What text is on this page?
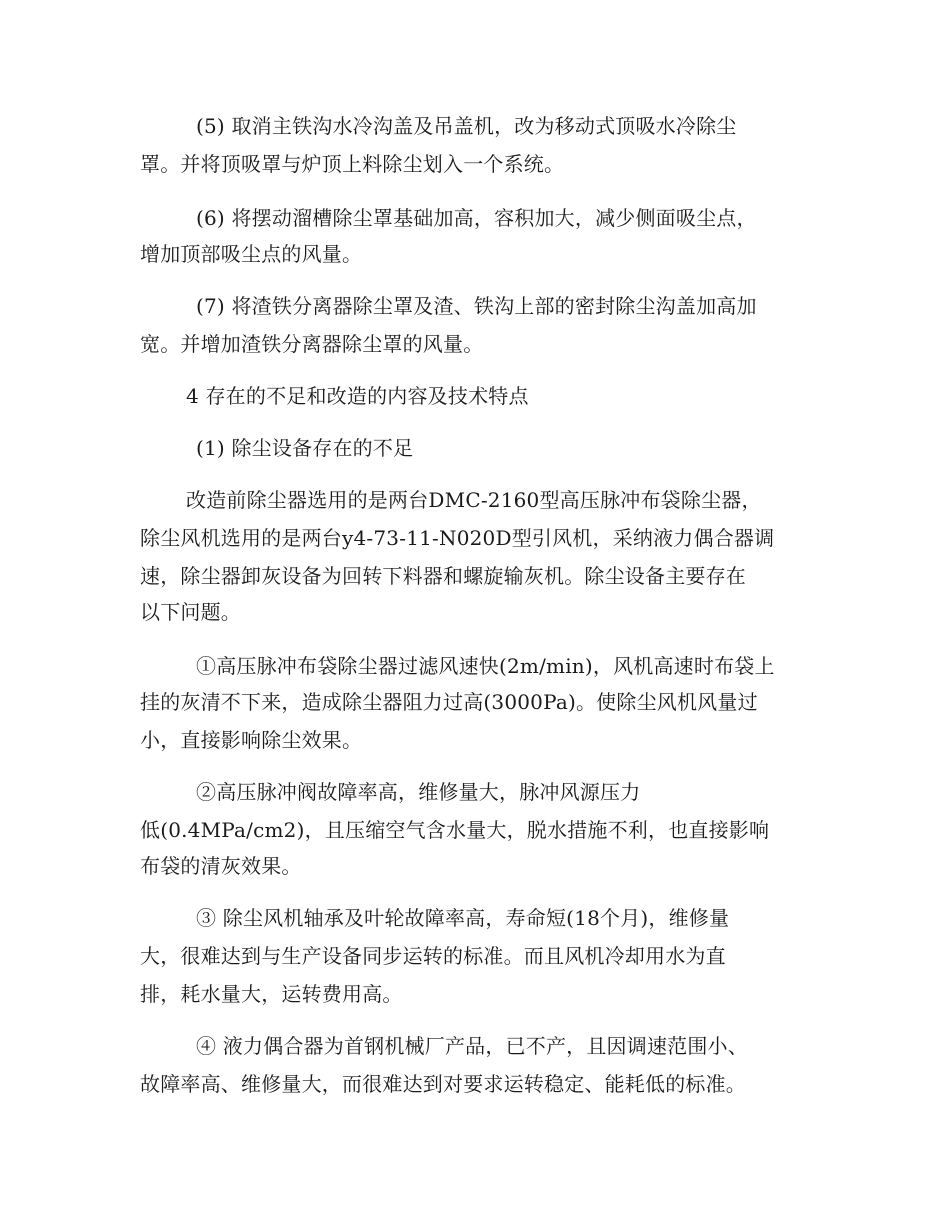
(5) 取消主铁沟水冷沟盖及吊盖机，改为移动式顶吸水冷除尘
罩。并将顶吸罩与炉顶上料除尘划入一个系统。
(6) 将摆动溜槽除尘罩基础加高，容积加大，减少侧面吸尘点，
增加顶部吸尘点的风量。
(7) 将渣铁分离器除尘罩及渣、铁沟上部的密封除尘沟盖加高加
宽。并增加渣铁分离器除尘罩的风量。
4 存在的不足和改造的内容及技术特点
(1) 除尘设备存在的不足
改造前除尘器选用的是两台DMC-2160型高压脉冲布袋除尘器，
除尘风机选用的是两台y4-73-11-N020D型引风机，采纳液力偶合器调
速，除尘器卸灰设备为回转下料器和螺旋输灰机。除尘设备主要存在
以下问题。
①高压脉冲布袋除尘器过滤风速快(2m/min)，风机高速时布袋上
挂的灰清不下来，造成除尘器阻力过高(3000Pa)。使除尘风机风量过
小，直接影响除尘效果。
②高压脉冲阀故障率高，维修量大，脉冲风源压力
低(0.4MPa/cm2)，且压缩空气含水量大，脱水措施不利，也直接影响
布袋的清灰效果。
③ 除尘风机轴承及叶轮故障率高，寿命短(18个月)，维修量
大，很难达到与生产设备同步运转的标准。而且风机冷却用水为直
排，耗水量大，运转费用高。
④ 液力偶合器为首钢机械厂产品，已不产，且因调速范围小、
故障率高、维修量大，而很难达到对要求运转稳定、能耗低的标准。
